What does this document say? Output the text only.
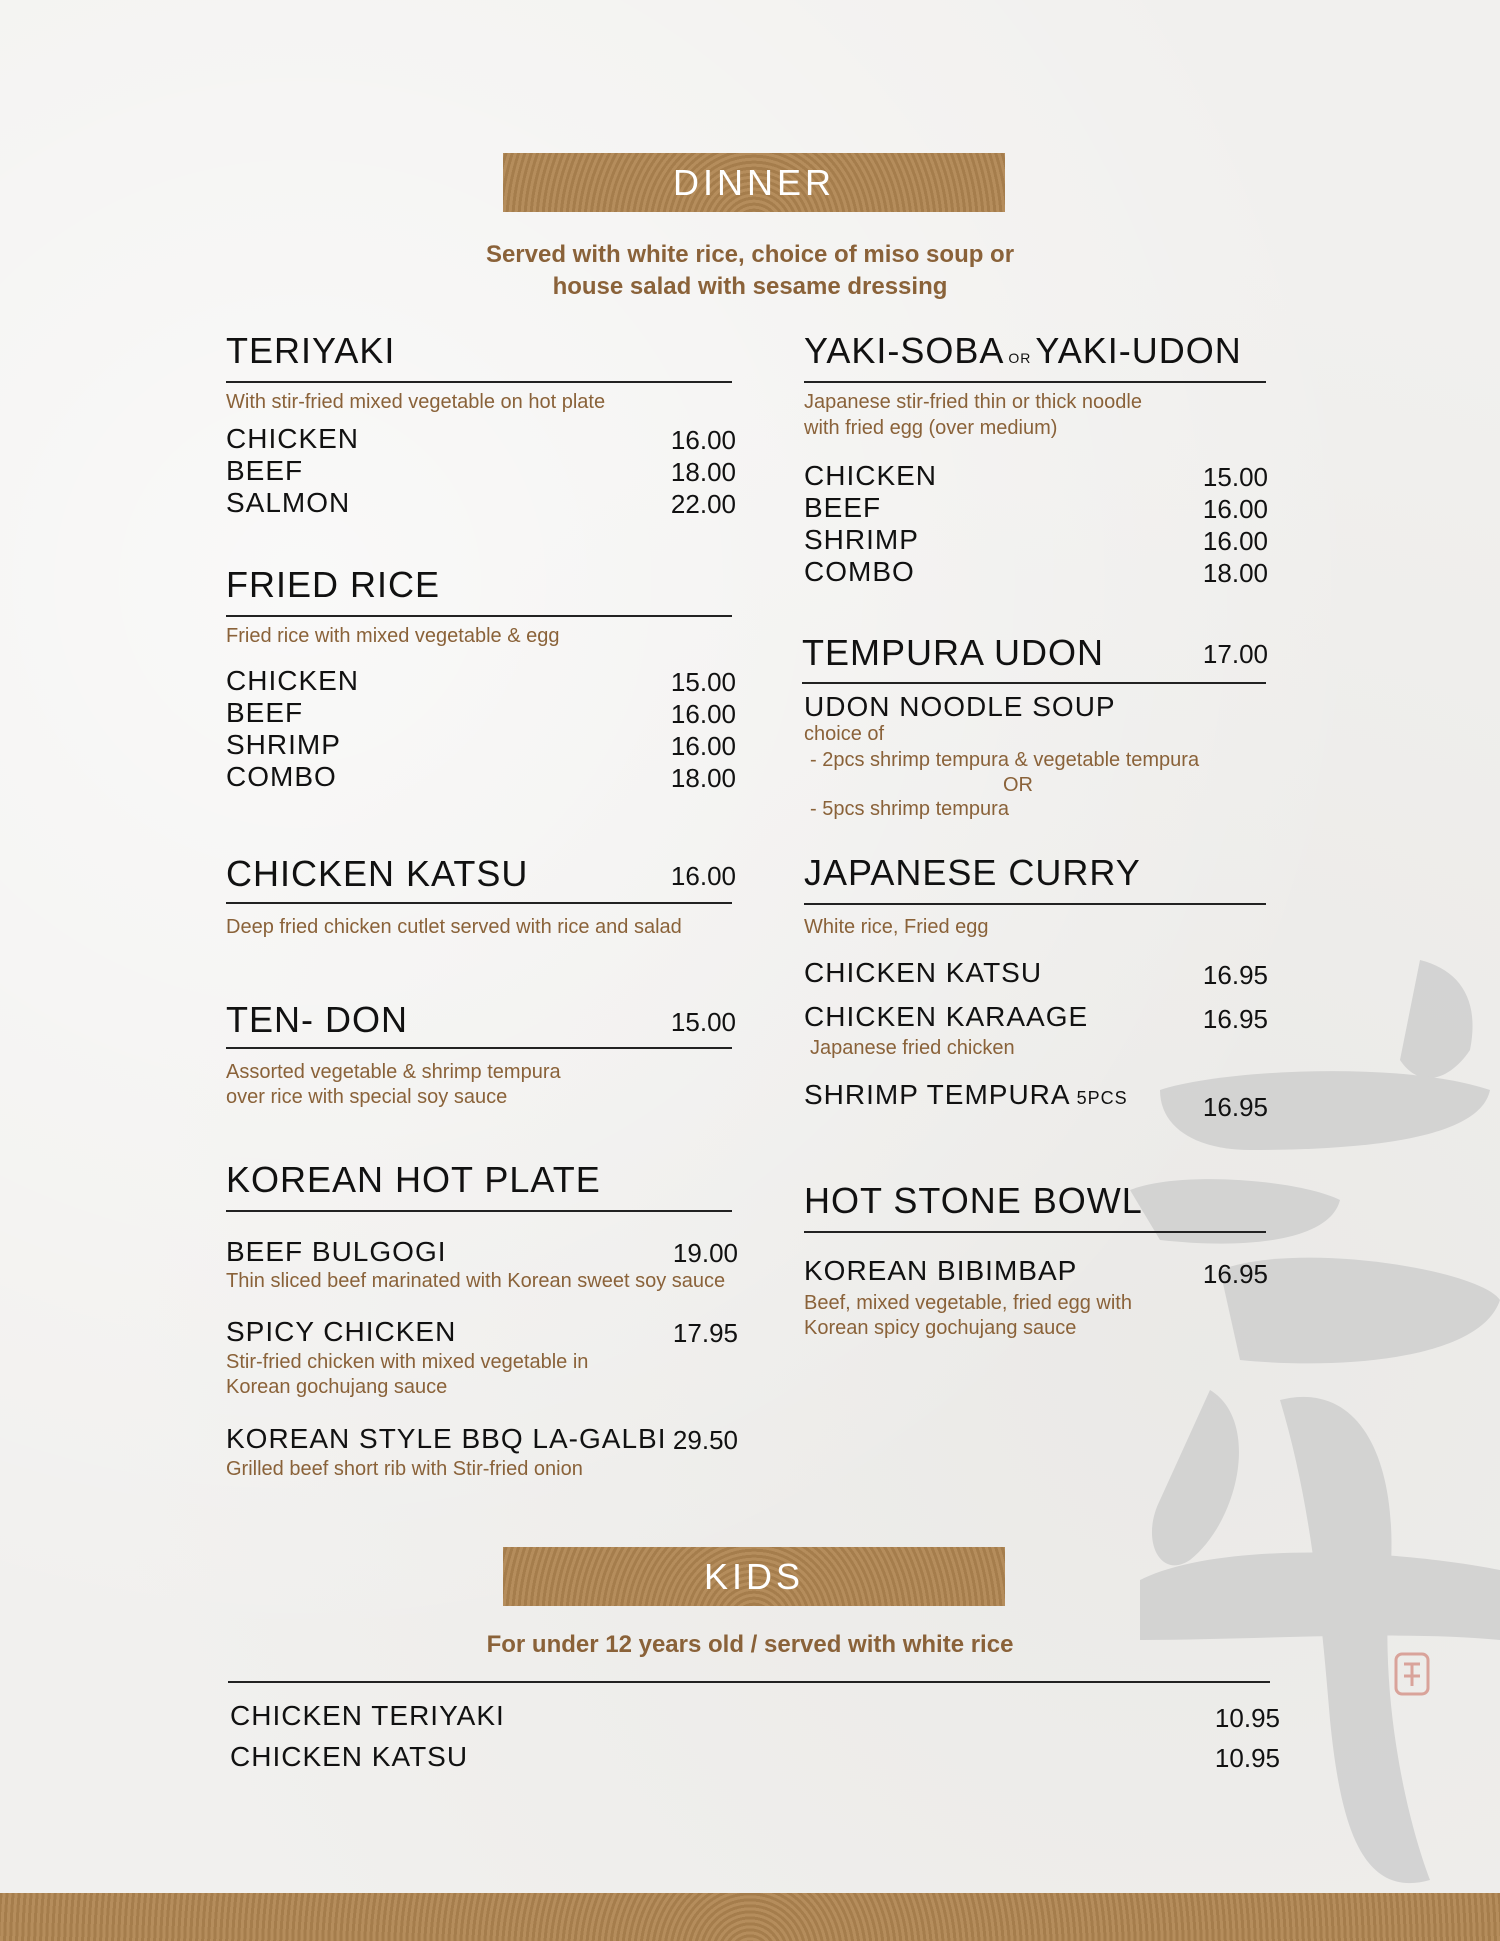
DINNER
Served with white rice, choice of miso soup or
house salad with sesame dressing
TERIYAKI
With stir-fried mixed vegetable on hot plate
CHICKEN	16.00
BEEF	18.00
SALMON	22.00
FRIED RICE
Fried rice with mixed vegetable & egg
CHICKEN	15.00
BEEF	16.00
SHRIMP	16.00
COMBO	18.00
CHICKEN KATSU	16.00
Deep fried chicken cutlet served with rice and salad
TEN- DON	15.00
Assorted vegetable & shrimp tempura
over rice with special soy sauce
KOREAN HOT PLATE
BEEF BULGOGI	19.00
Thin sliced beef marinated with Korean sweet soy sauce
SPICY CHICKEN	17.95
Stir-fried chicken with mixed vegetable in
Korean gochujang sauce
KOREAN STYLE BBQ LA-GALBI 29.50
Grilled beef short rib with Stir-fried onion
YAKI-SOBA OR YAKI-UDON
Japanese stir-fried thin or thick noodle
with fried egg (over medium)
CHICKEN	15.00
BEEF	16.00
SHRIMP	16.00
COMBO	18.00
TEMPURA UDON	17.00
UDON NOODLE SOUP
choice of
- 2pcs shrimp tempura & vegetable tempura
OR
- 5pcs shrimp tempura
JAPANESE CURRY
White rice, Fried egg
CHICKEN KATSU	16.95
CHICKEN KARAAGE	16.95
Japanese fried chicken
SHRIMP TEMPURA 5PCS	16.95
HOT STONE BOWL
KOREAN BIBIMBAP	16.95
Beef, mixed vegetable, fried egg with
Korean spicy gochujang sauce
KIDS
For under 12 years old / served with white rice
CHICKEN TERIYAKI	10.95
CHICKEN KATSU	10.95
